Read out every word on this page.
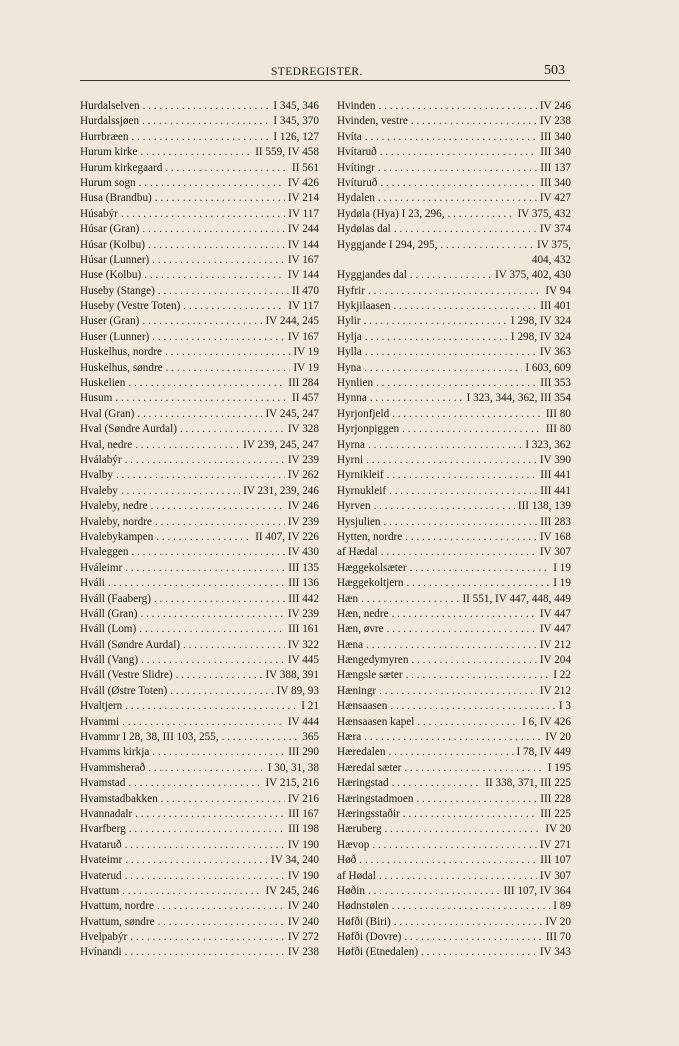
STEDREGISTER.	503
Hurdalselven . . .	I 345, 346
Hurdalssjøen . . .	I 345, 370
Hurrbræen . . .	I 126, 127
Hurum kirke . . .	II 559, IV 458
Hurum kirkegaard . . .	II 561
Hurum sogn . . .	IV 426
Husa (Brandbu) . . .	IV 214
Húsabýr . . .	IV 117
Húsar (Gran) . . .	IV 244
Húsar (Kolbu) . . .	IV 144
Húsar (Lunner) . . .	IV 167
Huse (Kolbu) . . .	IV 144
Huseby (Stange) . . .	II 470
Huseby (Vestre Toten) . . .	IV 117
Huser (Gran) . . .	IV 244, 245
Huser (Lunner) . . .	IV 167
Huskelhus, nordre . . .	IV 19
Huskelhus, søndre . . .	IV 19
Huskelien . . .	III 284
Husum . . .	II 457
Hval (Gran) . . .	IV 245, 247
Hval (Søndre Aurdal) . . .	IV 328
Hval, nedre . . .	IV 239, 245, 247
Hválabýr . . .	IV 239
Hvalby . . .	IV 262
Hvaleby . . .	IV 231, 239, 246
Hvaleby, nedre . . .	IV 246
Hvaleby, nordre . . .	IV 239
Hvalebykampen . . .	II 407, IV 226
Hvaleggen . . .	IV 430
Hváleimr . . .	III 135
Hváli . . .	III 136
Hváll (Faaberg) . . .	III 442
Hváll (Gran) . . .	IV 239
Hváll (Lom) . . .	III 161
Hváll (Søndre Aurdal) . . .	IV 322
Hváll (Vang) . . .	IV 445
Hváll (Vestre Slidre) . . .	IV 388, 391
Hváll (Østre Toten) . . .	IV 89, 93
Hvaltjern . . .	I 21
Hvammi . . .	IV 444
Hvammr I 28, 38, III 103, 255, . . .	365
Hvamms kirkja . . .	III 290
Hvammsherað . . .	I 30, 31, 38
Hvamstad . . .	IV 215, 216
Hvamstadbakken . . .	IV 216
Hvannadalr . . .	III 167
Hvarfberg . . .	III 198
Hvataruð . . .	IV 190
Hvateimr . . .	IV 34, 240
Hvaterud . . .	IV 190
Hvattum . . .	IV 245, 246
Hvattum, nordre . . .	IV 240
Hvattum, søndre . . .	IV 240
Hvelpabýr . . .	IV 272
Hvínandi . . .	IV 238
Hvinden . . .	IV 246
Hvinden, vestre . . .	IV 238
Hvíta . . .	III 340
Hvítaruð . . .	III 340
Hvítingr . . .	III 137
Hvíturuð . . .	III 340
Hydalen . . .	IV 427
Hydøla (Hya) I 23, 296, . . .	IV 375, 432
Hydølas dal . . .	IV 374
Hyggjande I 294, 295, . . .	IV 375,
404, 432
Hyggjandes dal . . .	IV 375, 402, 430
Hyfrir . . .	IV 94
Hykjilaasen . . .	III 401
Hylir . . .	I 298, IV 324
Hylja . . .	I 298, IV 324
Hylla . . .	IV 363
Hyna . . .	I 603, 609
Hynlien . . .	III 353
Hynna . . .	I 323, 344, 362, III 354
Hyrjonfjeld . . .	III 80
Hyrjonpiggen . . .	III 80
Hyrna . . .	I 323, 362
Hyrni . . .	IV 390
Hyrnikleif . . .	III 441
Hyrnukleif . . .	III 441
Hyrven . . .	III 138, 139
Hysjulien . . .	III 283
Hytten, nordre . . .	IV 168
af Hædal . . .	IV 307
Hæggekolsæter . . .	I 19
Hæggekoltjern . . .	I 19
Hæn . . .	II 551, IV 447, 448, 449
Hæn, nedre . . .	IV 447
Hæn, øvre . . .	IV 447
Hæna . . .	IV 212
Hængedymyren . . .	IV 204
Hængsle sæter . . .	I 22
Hæningr . . .	IV 212
Hænsaasen . . .	I 3
Hænsaasen kapel . . .	I 6, IV 426
Hæra . . .	IV 20
Hæredalen . . .	I 78, IV 449
Hæredal sæter . . .	I 195
Hæringstad . . .	II 338, 371, III 225
Hæringstadmoen . . .	III 228
Hæringsstaðir . . .	III 225
Hæruberg . . .	IV 20
Hævop . . .	IV 271
Høð . . .	III 107
af Hødal . . .	IV 307
Høðin . . .	III 107, IV 364
Hødnstølen . . .	I 89
Høfði (Biri) . . .	IV 20
Høfði (Dovre) . . .	III 70
Høfði (Etnedalen) . . .	IV 343
